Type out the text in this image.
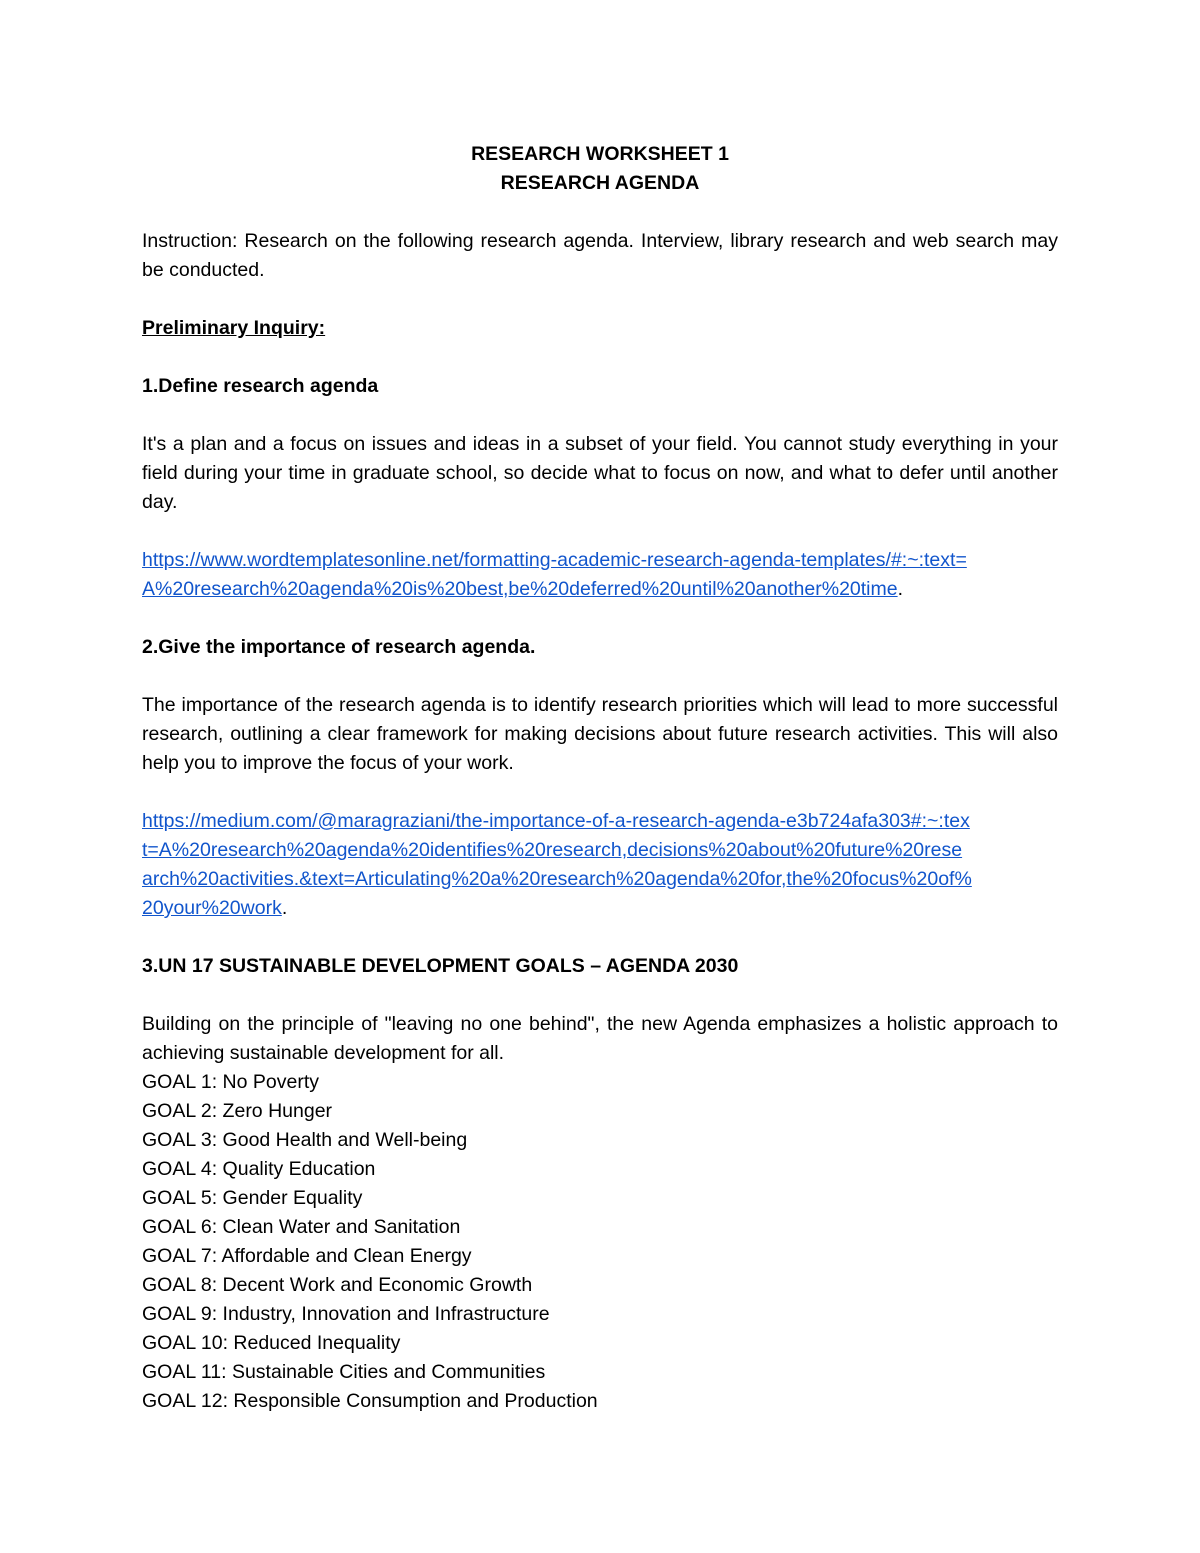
RESEARCH WORKSHEET 1
RESEARCH AGENDA

Instruction: Research on the following research agenda. Interview, library research and web search may be conducted.

Preliminary Inquiry:

1.Define research agenda

It's a plan and a focus on issues and ideas in a subset of your field. You cannot study everything in your field during your time in graduate school, so decide what to focus on now, and what to defer until another day.

https://www.wordtemplatesonline.net/formatting-academic-research-agenda-templates/#:~:text=
A%20research%20agenda%20is%20best,be%20deferred%20until%20another%20time.

2.Give the importance of research agenda.

The importance of the research agenda is to identify research priorities which will lead to more successful research, outlining a clear framework for making decisions about future research activities. This will also help you to improve the focus of your work.

https://medium.com/@maragraziani/the-importance-of-a-research-agenda-e3b724afa303#:~:tex
t=A%20research%20agenda%20identifies%20research,decisions%20about%20future%20rese
arch%20activities.&text=Articulating%20a%20research%20agenda%20for,the%20focus%20of%
20your%20work.

3.UN 17 SUSTAINABLE DEVELOPMENT GOALS – AGENDA 2030

Building on the principle of "leaving no one behind", the new Agenda emphasizes a holistic approach to achieving sustainable development for all.

GOAL 1: No Poverty

GOAL 2: Zero Hunger

GOAL 3: Good Health and Well-being

GOAL 4: Quality Education

GOAL 5: Gender Equality

GOAL 6: Clean Water and Sanitation

GOAL 7: Affordable and Clean Energy

GOAL 8: Decent Work and Economic Growth

GOAL 9: Industry, Innovation and Infrastructure

GOAL 10: Reduced Inequality

GOAL 11: Sustainable Cities and Communities

GOAL 12: Responsible Consumption and Production
